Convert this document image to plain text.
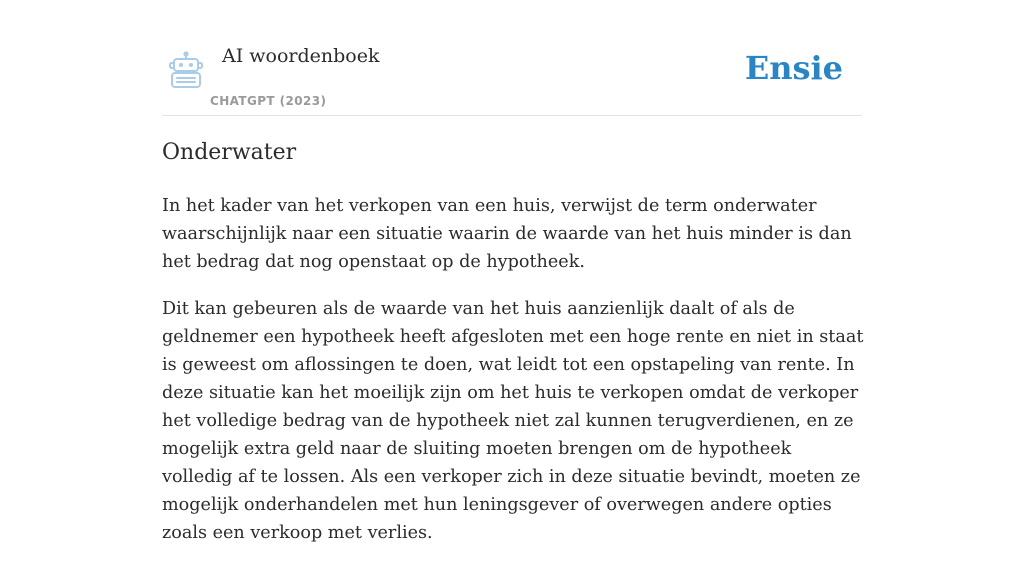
AI woordenboek
CHATGPT (2023)
Ensie
Onderwater

In het kader van het verkopen van een huis, verwijst de term onderwater waarschijnlijk naar een situatie waarin de waarde van het huis minder is dan het bedrag dat nog openstaat op de hypotheek.

Dit kan gebeuren als de waarde van het huis aanzienlijk daalt of als de geldnemer een hypotheek heeft afgesloten met een hoge rente en niet in staat is geweest om aflossingen te doen, wat leidt tot een opstapeling van rente. In deze situatie kan het moeilijk zijn om het huis te verkopen omdat de verkoper het volledige bedrag van de hypotheek niet zal kunnen terugverdienen, en ze mogelijk extra geld naar de sluiting moeten brengen om de hypotheek volledig af te lossen. Als een verkoper zich in deze situatie bevindt, moeten ze mogelijk onderhandelen met hun leningsgever of overwegen andere opties zoals een verkoop met verlies.
